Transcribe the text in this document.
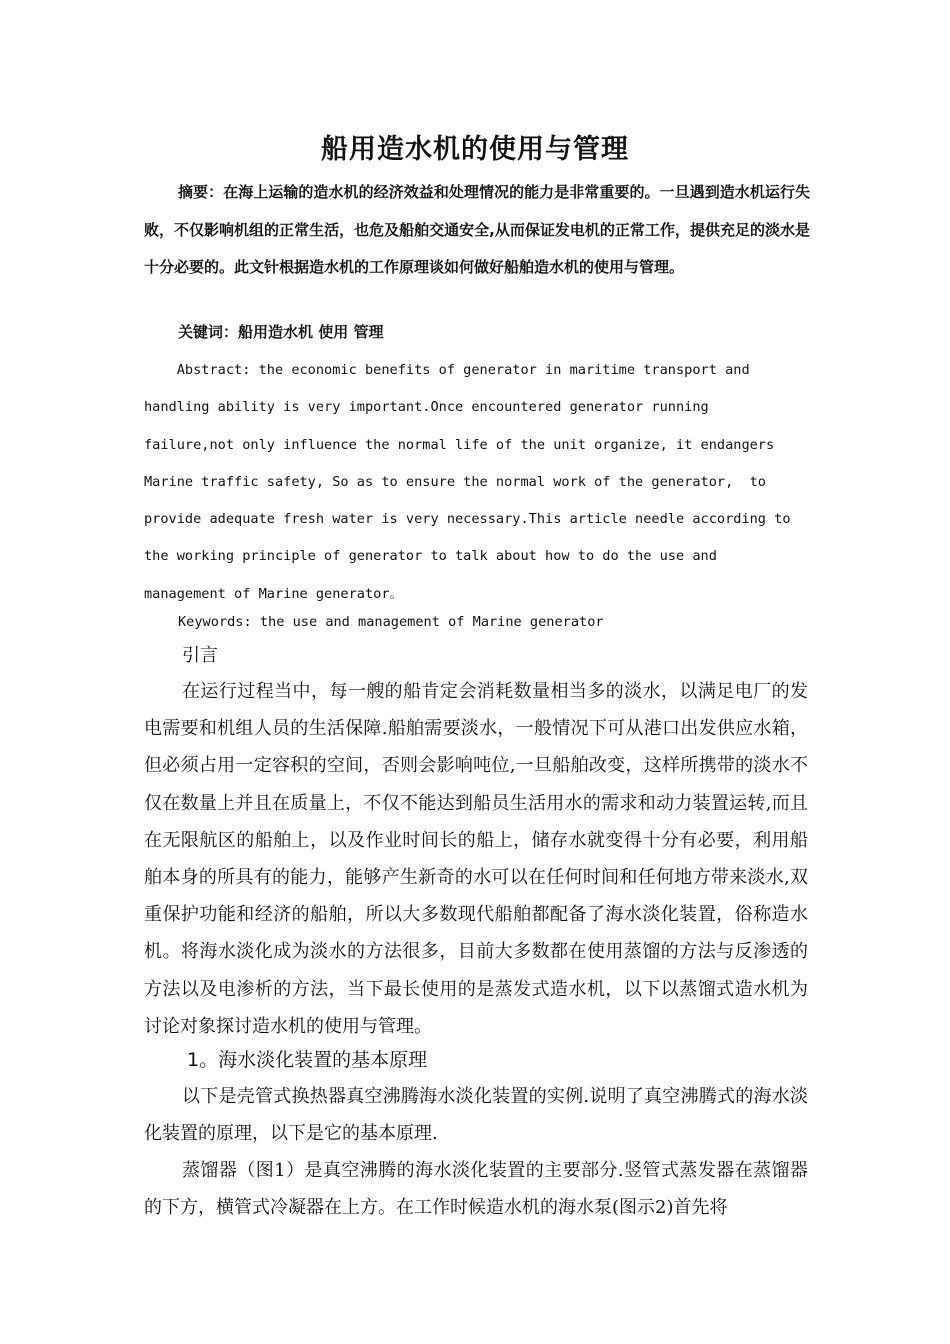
船用造水机的使用与管理
摘要：在海上运输的造水机的经济效益和处理情况的能力是非常重要的。一旦遇到造水机运行失败，不仅影响机组的正常生活，也危及船舶交通安全,从而保证发电机的正常工作，提供充足的淡水是十分必要的。此文针根据造水机的工作原理谈如何做好船舶造水机的使用与管理。
关键词：船用造水机 使用 管理
Abstract: the economic benefits of generator in maritime transport and
handling ability is very important.Once encountered generator running
failure,not only influence the normal life of the unit organize, it endangers
Marine traffic safety, So as to ensure the normal work of the generator,  to
provide adequate fresh water is very necessary.This article needle according to
the working principle of generator to talk about how to do the use and
management of Marine generator。
Keywords: the use and management of Marine generator
引言
在运行过程当中，每一艘的船肯定会消耗数量相当多的淡水，以满足电厂的发电需要和机组人员的生活保障.船舶需要淡水，一般情况下可从港口出发供应水箱，但必须占用一定容积的空间，否则会影响吨位,一旦船舶改变，这样所携带的淡水不仅在数量上并且在质量上，不仅不能达到船员生活用水的需求和动力装置运转,而且在无限航区的船舶上，以及作业时间长的船上，储存水就变得十分有必要，利用船舶本身的所具有的能力，能够产生新奇的水可以在任何时间和任何地方带来淡水,双重保护功能和经济的船舶，所以大多数现代船舶都配备了海水淡化装置，俗称造水机。将海水淡化成为淡水的方法很多，目前大多数都在使用蒸馏的方法与反渗透的方法以及电渗析的方法，当下最长使用的是蒸发式造水机，以下以蒸馏式造水机为讨论对象探讨造水机的使用与管理。
1。海水淡化装置的基本原理
以下是壳管式换热器真空沸腾海水淡化装置的实例.说明了真空沸腾式的海水淡化装置的原理，以下是它的基本原理.
蒸馏器（图1）是真空沸腾的海水淡化装置的主要部分.竖管式蒸发器在蒸馏器的下方，横管式冷凝器在上方。在工作时候造水机的海水泵(图示2)首先将
